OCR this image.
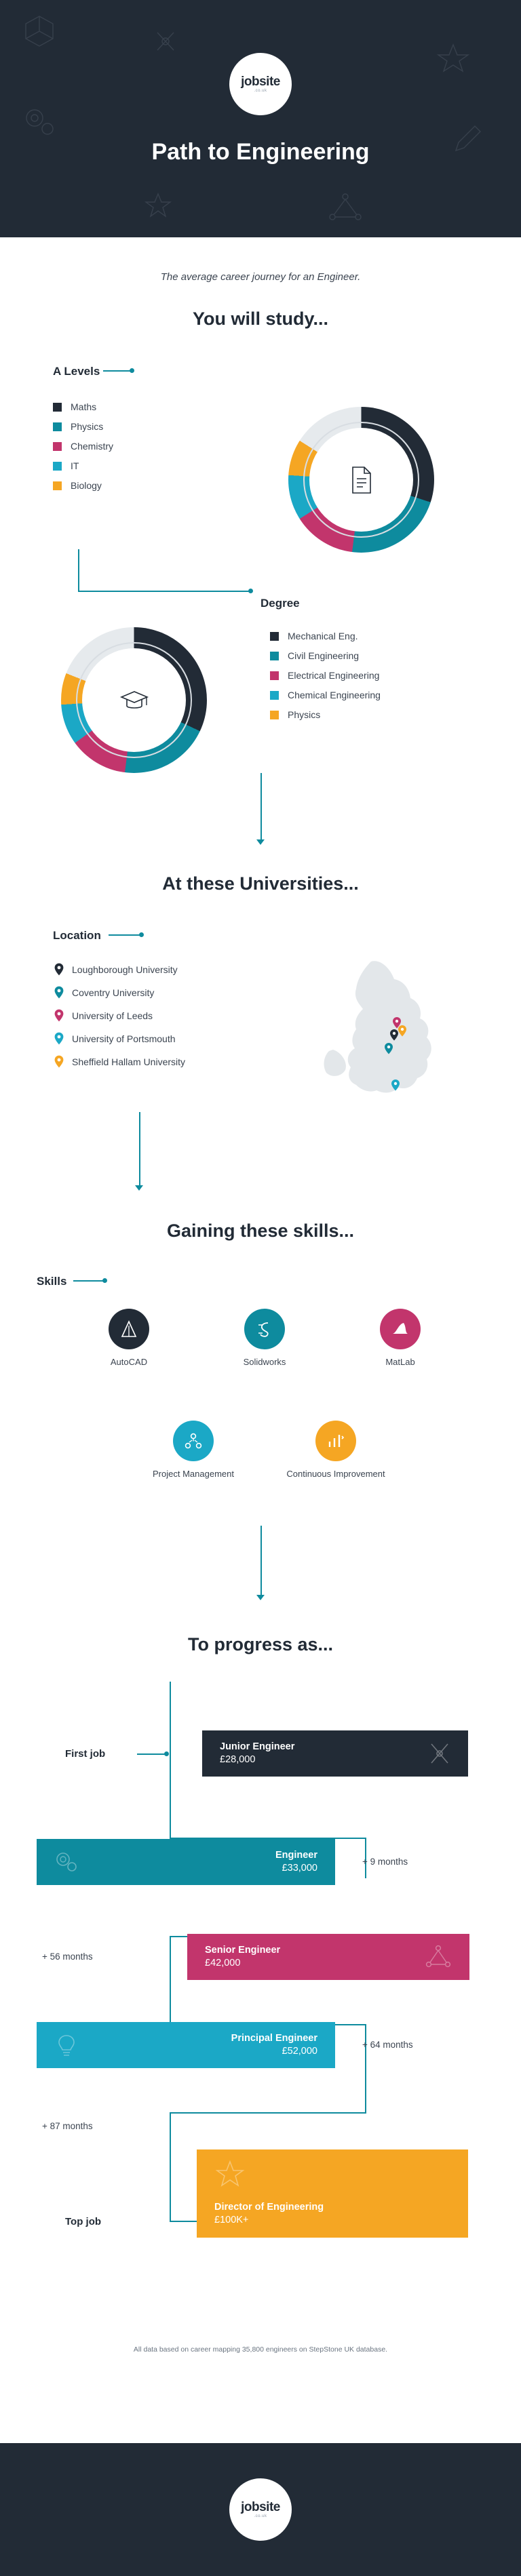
jobsite
.co.uk
Path to Engineering
The average career journey for an Engineer.
You will study...
A Levels
Maths
Physics
Chemistry
IT
Biology
Degree
Mechanical Eng.
Civil Engineering
Electrical Engineering
Chemical Engineering
Physics
At these Universities...
Location
Loughborough University
Coventry University
University of Leeds
University of Portsmouth
Sheffield Hallam University
Gaining these skills...
Skills
AutoCAD	Solidworks	MatLab
Project Management	Continuous Improvement
To progress as...
First job
Junior Engineer
£28,000
Engineer
£33,000
+ 9 months
Senior Engineer
£42,000
+ 56 months
Principal Engineer
£52,000
+ 64 months
+ 87 months
Top job
Director of Engineering
£100K+
All data based on career mapping 35,800 engineers on StepStone UK database.
jobsite
.co.uk
